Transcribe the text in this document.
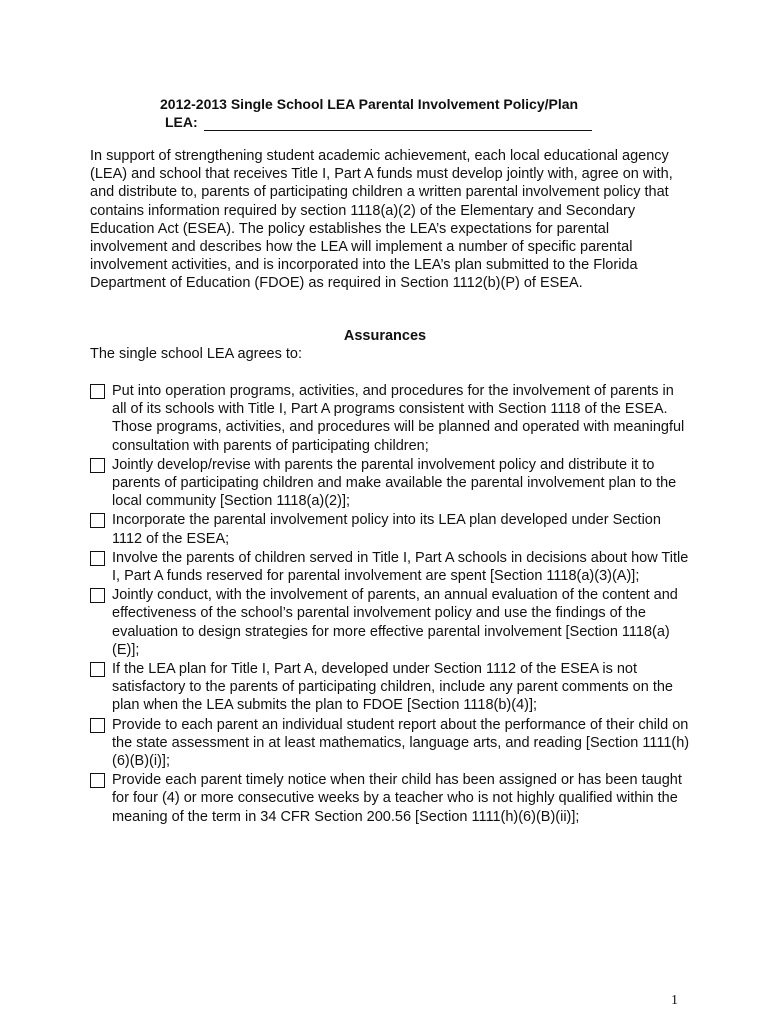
2012-2013 Single School LEA Parental Involvement Policy/Plan
LEA:

In support of strengthening student academic achievement, each local educational agency (LEA) and school that receives Title I, Part A funds must develop jointly with, agree on with, and distribute to, parents of participating children a written parental involvement policy that contains information required by section 1118(a)(2) of the Elementary and Secondary Education Act (ESEA). The policy establishes the LEA’s expectations for parental involvement and describes how the LEA will implement a number of specific parental involvement activities, and is incorporated into the LEA’s plan submitted to the Florida Department of Education (FDOE) as required in Section 1112(b)(P) of ESEA.

Assurances
The single school LEA agrees to:
Put into operation programs, activities, and procedures for the involvement of parents in all of its schools with Title I, Part A programs consistent with Section 1118 of the ESEA. Those programs, activities, and procedures will be planned and operated with meaningful consultation with parents of participating children;
Jointly develop/revise with parents the parental involvement policy and distribute it to parents of participating children and make available the parental involvement plan to the local community [Section 1118(a)(2)];
Incorporate the parental involvement policy into its LEA plan developed under Section 1112 of the ESEA;
Involve the parents of children served in Title I, Part A schools in decisions about how Title I, Part A funds reserved for parental involvement are spent [Section 1118(a)(3)(A)];
Jointly conduct, with the involvement of parents, an annual evaluation of the content and effectiveness of the school’s parental involvement policy and use the findings of the evaluation to design strategies for more effective parental involvement [Section 1118(a)(E)];
If the LEA plan for Title I, Part A, developed under Section 1112 of the ESEA is not satisfactory to the parents of participating children, include any parent comments on the plan when the LEA submits the plan to FDOE [Section 1118(b)(4)];
Provide to each parent an individual student report about the performance of their child on the state assessment in at least mathematics, language arts, and reading [Section 1111(h)(6)(B)(i)];
Provide each parent timely notice when their child has been assigned or has been taught for four (4) or more consecutive weeks by a teacher who is not highly qualified within the meaning of the term in 34 CFR Section 200.56 [Section 1111(h)(6)(B)(ii)];
1
